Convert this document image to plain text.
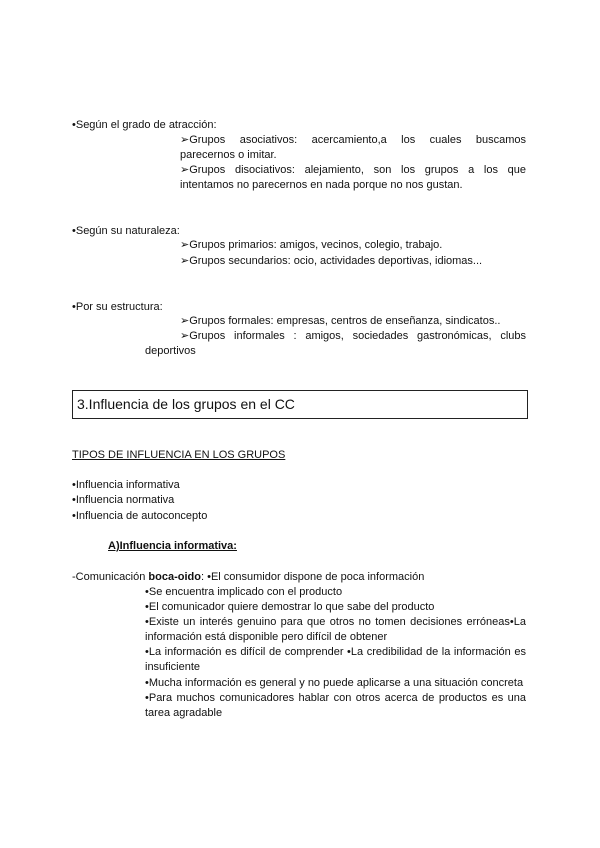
•Según el grado de atracción:
➢Grupos asociativos: acercamiento,a los cuales buscamos parecernos o imitar.
➢Grupos disociativos: alejamiento, son los grupos a los que intentamos no parecernos en nada porque no nos gustan.
•Según su naturaleza:
➢Grupos primarios: amigos, vecinos, colegio, trabajo.
➢Grupos secundarios: ocio, actividades deportivas, idiomas...
•Por su estructura:
➢Grupos formales: empresas, centros de enseñanza, sindicatos..
➢Grupos informales : amigos, sociedades gastronómicas, clubs deportivos
3.Influencia de los grupos en el CC
TIPOS DE INFLUENCIA EN LOS GRUPOS
•Influencia informativa
•Influencia normativa
•Influencia de autoconcepto
A)Influencia informativa:
-Comunicación boca-oido: •El consumidor dispone de poca información
•Se encuentra implicado con el producto
•El comunicador quiere demostrar lo que sabe del producto
•Existe un interés genuino para que otros no tomen decisiones erróneas•La información está disponible pero difícil de obtener
•La información es difícil de comprender •La credibilidad de la información es insuficiente
•Mucha información es general y no puede aplicarse a una situación concreta
•Para muchos comunicadores hablar con otros acerca de productos es una tarea agradable
